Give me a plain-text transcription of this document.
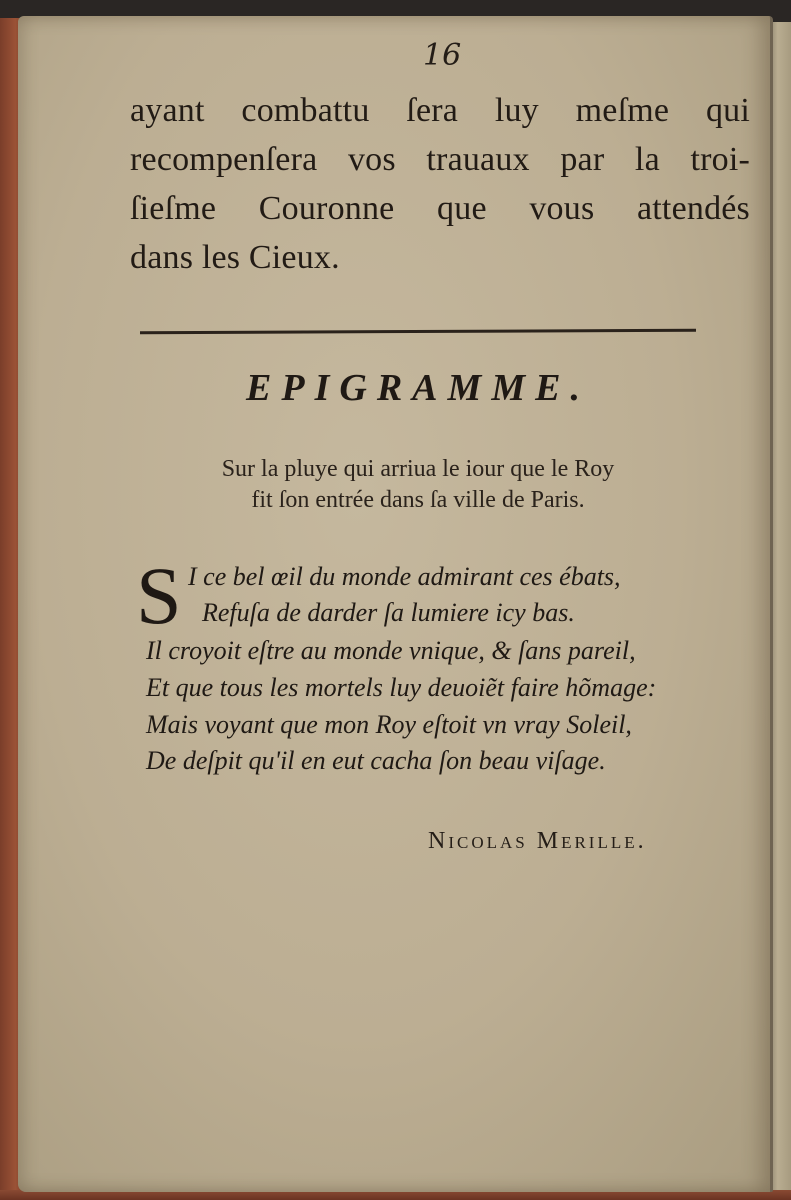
16

ayant combattu ſera luy meſme qui
recompenſera vos trauaux par la troi-
ſieſme Couronne que vous attendés
dans les Cieux.
EPIGRAMME.
Sur la pluye qui arriua le iour que le Roy
fit ſon entrée dans ſa ville de Paris.
S I ce bel œil du monde admirant ces ébats,
Refuſa de darder ſa lumiere icy bas.
Il croyoit eſtre au monde vnique, & ſans pareil,
Et que tous les mortels luy deuoiẽt faire hõmage:
Mais voyant que mon Roy eſtoit vn vray Soleil,
De deſpit qu'il en eut cacha ſon beau viſage.

Nicolas Merille.
